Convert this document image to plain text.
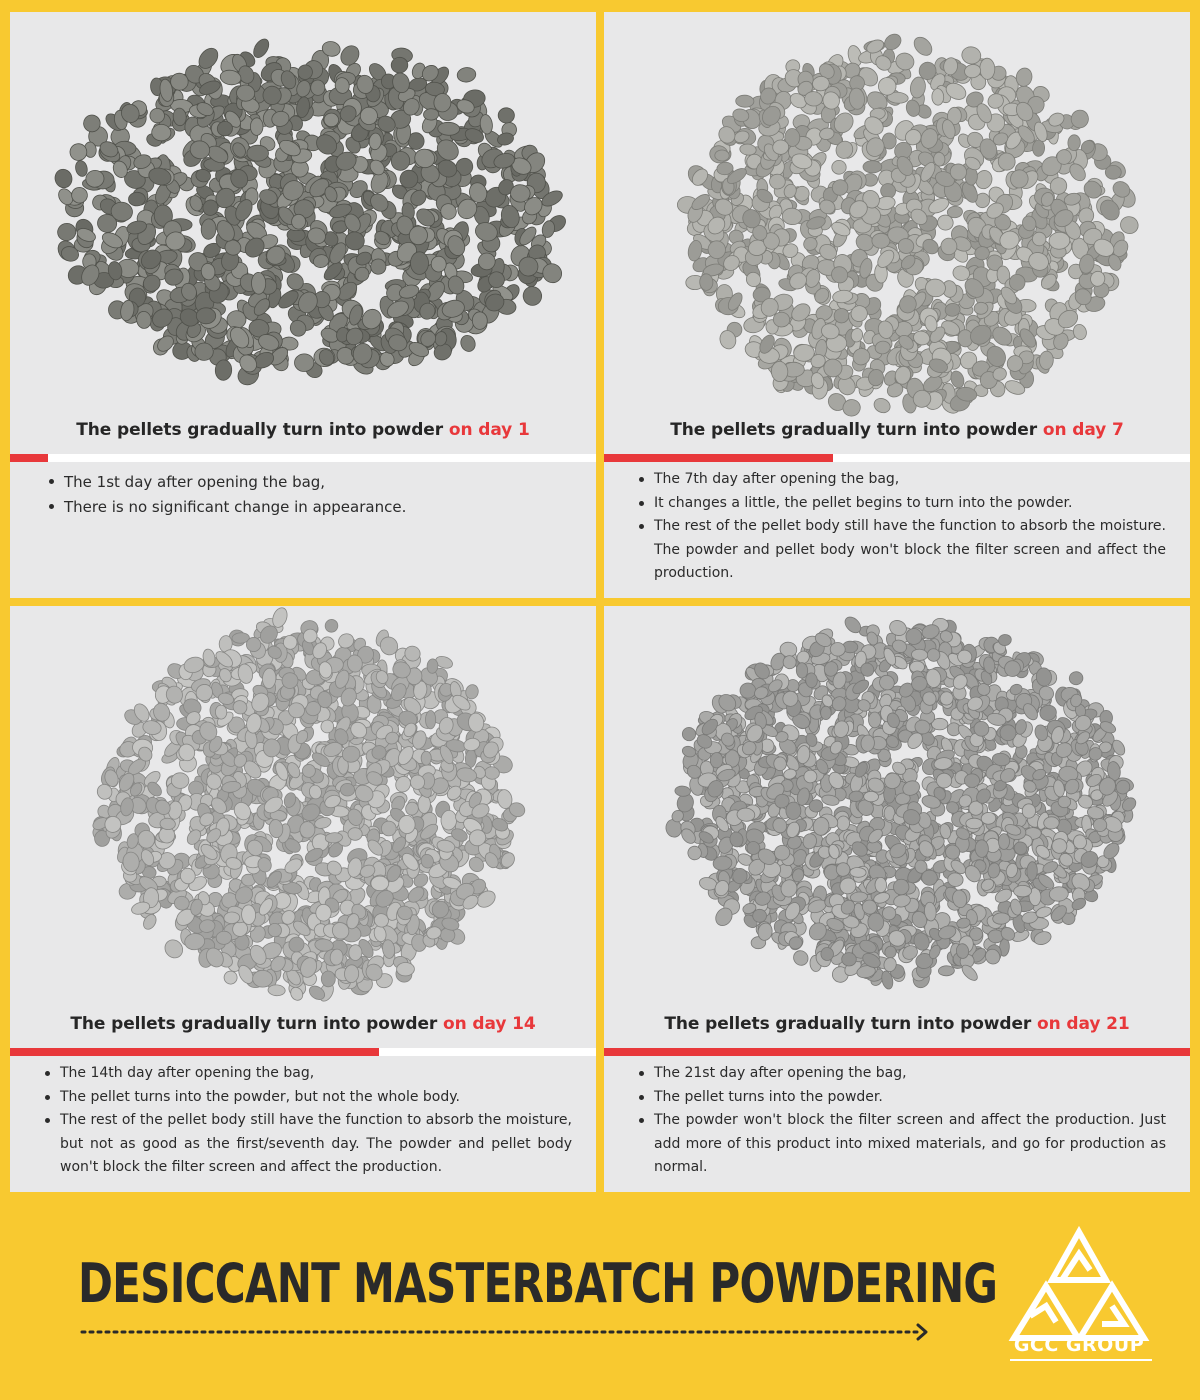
The pellets gradually turn into powder on day 1
The 1st day after opening the bag,
There is no significant change in appearance.
The pellets gradually turn into powder on day 7
The 7th day after opening the bag,
It changes a little, the pellet begins to turn into the powder.
The rest of the pellet body still have the function to absorb the moisture. The powder and pellet body won't block the filter screen and affect the production.
The pellets gradually turn into powder on day 14
The 14th day after opening the bag,
The pellet turns into the powder, but not the whole body.
The rest of the pellet body still have the function to absorb the moisture, but not as good as the first/seventh day. The powder and pellet body won't block the filter screen and affect the production.
The pellets gradually turn into powder on day 21
The 21st day after opening the bag,
The pellet turns into the powder.
The powder won't block the filter screen and affect the production. Just add more of this product into mixed materials, and go for production as normal.
DESICCANT MASTERBATCH POWDERING
GCC GROUP
